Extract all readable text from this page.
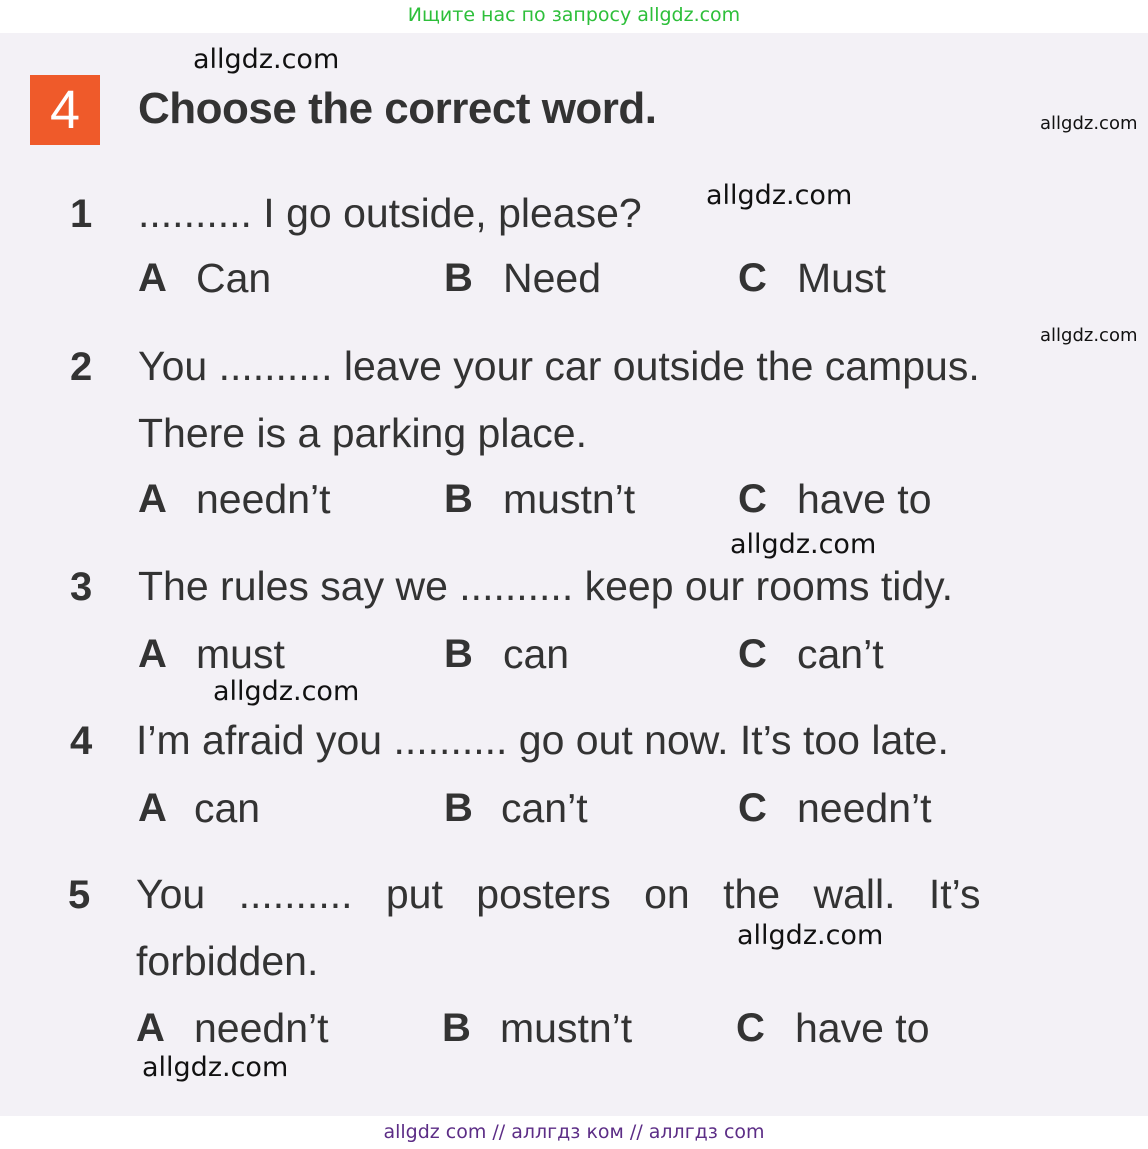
Ищите нас по запросу allgdz.com
4	Choose the correct word.
1 .......... I go outside, please?
A Can	B Need	C Must
2 You .......... leave your car outside the campus.
There is a parking place.
A needn’t	B mustn’t	C have to
3 The rules say we .......... keep our rooms tidy.
A must	B can	C can’t
4 I’m afraid you .......... go out now. It’s too late.
A can	B can’t	C needn’t
5 You .......... put posters on the wall. It’s
forbidden.
A needn’t	B mustn’t	C have to
allgdz.com
allgdz.com
allgdz.com
allgdz.com
allgdz.com
allgdz.com
allgdz.com
allgdz.com
allgdz com // аллгдз ком // аллгдз com
